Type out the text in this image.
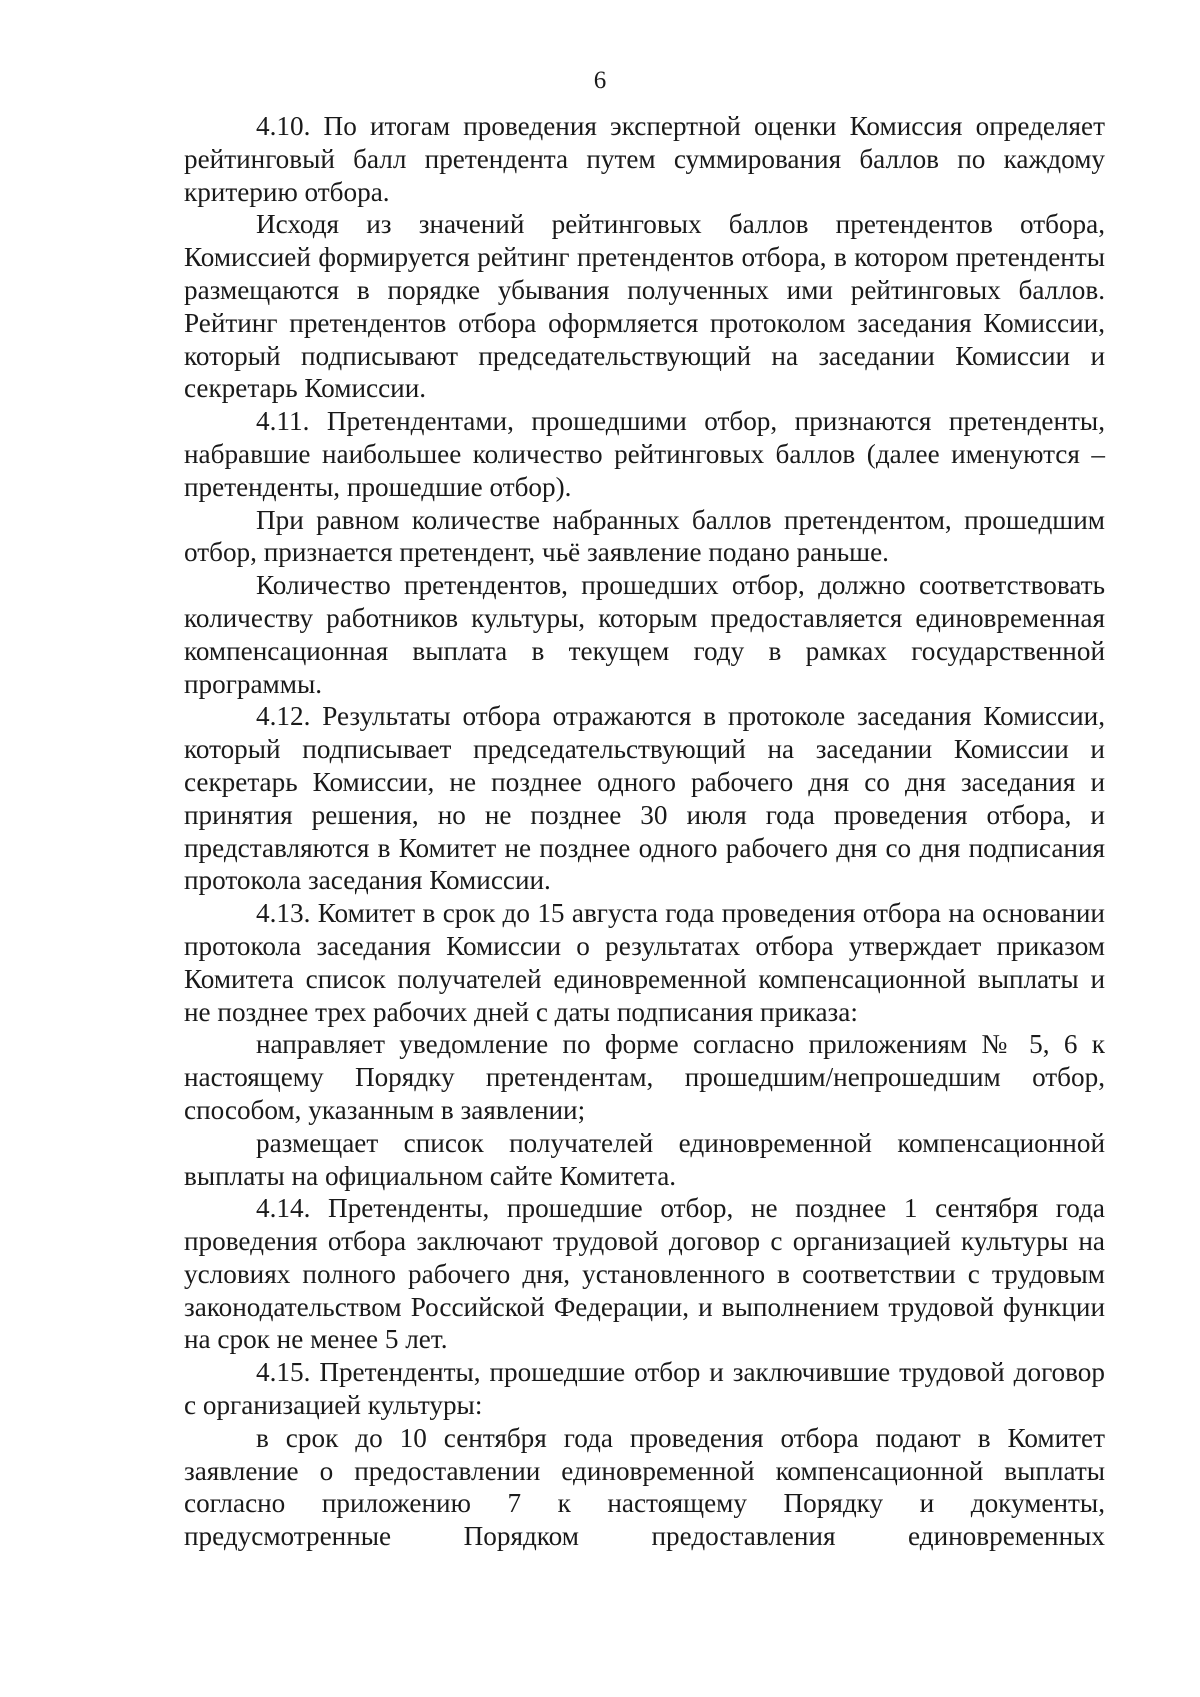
6

4.10. По итогам проведения экспертной оценки Комиссия определяет рейтинговый балл претендента путем суммирования баллов по каждому критерию отбора.

Исходя из значений рейтинговых баллов претендентов отбора, Комиссией формируется рейтинг претендентов отбора, в котором претенденты размещаются в порядке убывания полученных ими рейтинговых баллов. Рейтинг претендентов отбора оформляется протоколом заседания Комиссии, который подписывают председательствующий на заседании Комиссии и секретарь Комиссии.

4.11. Претендентами, прошедшими отбор, признаются претенденты, набравшие наибольшее количество рейтинговых баллов (далее именуются – претенденты, прошедшие отбор).

При равном количестве набранных баллов претендентом, прошедшим отбор, признается претендент, чьё заявление подано раньше.

Количество претендентов, прошедших отбор, должно соответствовать количеству работников культуры, которым предоставляется единовременная компенсационная выплата в текущем году в рамках государственной программы.

4.12. Результаты отбора отражаются в протоколе заседания Комиссии, который подписывает председательствующий на заседании Комиссии и секретарь Комиссии, не позднее одного рабочего дня со дня заседания и принятия решения, но не позднее 30 июля года проведения отбора, и представляются в Комитет не позднее одного рабочего дня со дня подписания протокола заседания Комиссии.

4.13. Комитет в срок до 15 августа года проведения отбора на основании протокола заседания Комиссии о результатах отбора утверждает приказом Комитета список получателей единовременной компенсационной выплаты и не позднее трех рабочих дней с даты подписания приказа:

направляет уведомление по форме согласно приложениям № 5, 6 к настоящему Порядку претендентам, прошедшим/непрошедшим отбор, способом, указанным в заявлении;

размещает список получателей единовременной компенсационной выплаты на официальном сайте Комитета.

4.14. Претенденты, прошедшие отбор, не позднее 1 сентября года проведения отбора заключают трудовой договор с организацией культуры на условиях полного рабочего дня, установленного в соответствии с трудовым законодательством Российской Федерации, и выполнением трудовой функции на срок не менее 5 лет.

4.15. Претенденты, прошедшие отбор и заключившие трудовой договор с организацией культуры:

в срок до 10 сентября года проведения отбора подают в Комитет заявление о предоставлении единовременной компенсационной выплаты согласно приложению 7 к настоящему Порядку и документы, предусмотренные Порядком предоставления единовременных
